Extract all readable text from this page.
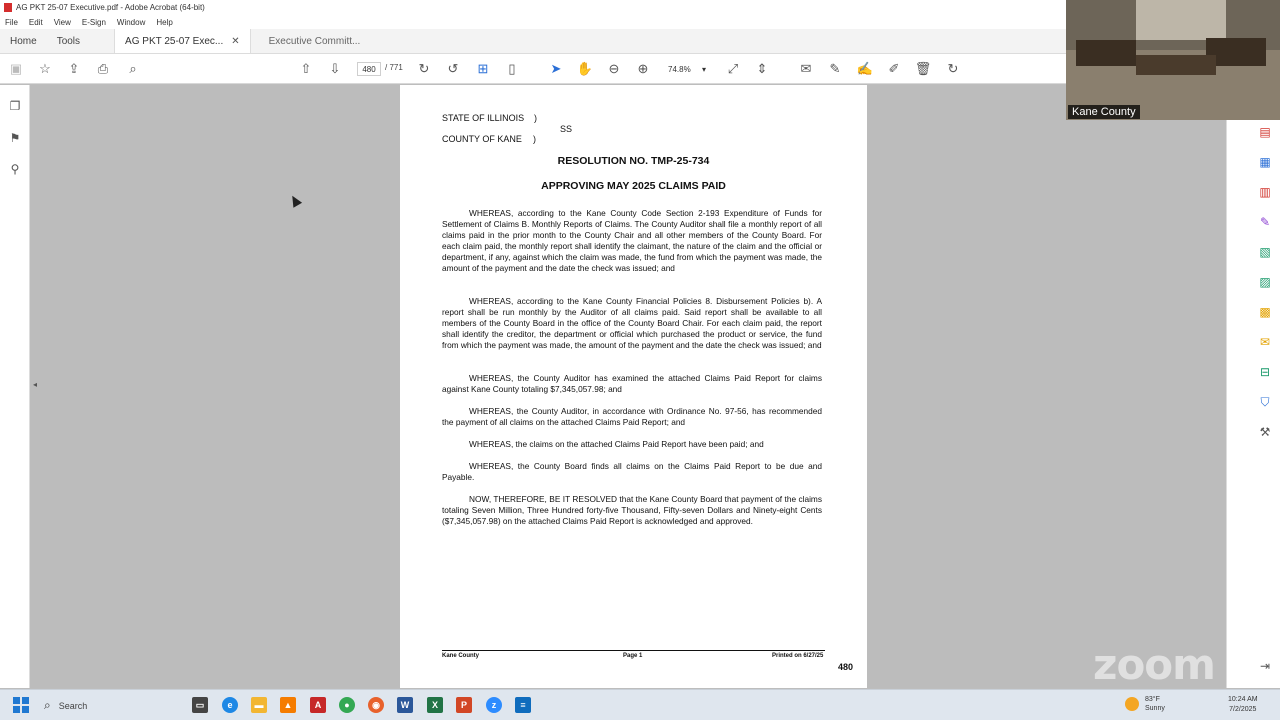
AG PKT 25-07 Executive.pdf - Adobe Acrobat (64-bit)
File Edit View E-Sign Window Help
Home	Tools	AG PKT 25-07 Exec... ✕	Executive Committ...
▣ ☆ ⇪ ⎙	⌕	⇧ ⇩	480	/ 771 ↻ ↺ ⊞	▯	➤ ✋ ⊖ ⊕	74.8% ▾ ⤢ ⇕	✉ ✎ ✍ ✐ 🗑 ↻
❐
⚑
⚲
◂
STATE OF ILLINOIS )
SS
COUNTY OF KANE )
RESOLUTION NO. TMP-25-734
APPROVING MAY 2025 CLAIMS PAID

WHEREAS, according to the Kane County Code Section 2-193 Expenditure of Funds for Settlement of Claims B. Monthly Reports of Claims. The County Auditor shall file a monthly report of all claims paid in the prior month to the County Chair and all other members of the County Board. For each claim paid, the monthly report shall identify the claimant, the nature of the claim and the official or department, if any, against which the claim was made, the fund from which the payment was made, the amount of the payment and the date the check was issued; and

WHEREAS, according to the Kane County Financial Policies 8. Disbursement Policies b). A report shall be run monthly by the Auditor of all claims paid. Said report shall be available to all members of the County Board in the office of the County Board Chair. For each claim paid, the report shall identify the creditor, the department or official which purchased the product or service, the fund from which the payment was made, the amount of the payment and the date the check was issued; and

WHEREAS, the County Auditor has examined the attached Claims Paid Report for claims against Kane County totaling $7,345,057.98; and

WHEREAS, the County Auditor, in accordance with Ordinance No. 97-56, has recommended the payment of all claims on the attached Claims Paid Report; and

WHEREAS, the claims on the attached Claims Paid Report have been paid; and

WHEREAS, the County Board finds all claims on the Claims Paid Report to be due and Payable.

NOW, THEREFORE, BE IT RESOLVED that the Kane County Board that payment of the claims totaling Seven Million, Three Hundred forty-five Thousand, Fifty-seven Dollars and Ninety-eight Cents ($7,345,057.98) on the attached Claims Paid Report is acknowledged and approved.

Kane County	Page 1	Printed on 6/27/25
480
▤
▦
▥
✎
▧
▨
▩
✉
⊟
⛉
⚒
⇥
Kane County
zoom
⌕ Search	▭	e	▬	▲	A	●	◉	W	X	P	z	≡
83°F
Sunny
10:24 AM
7/2/2025
